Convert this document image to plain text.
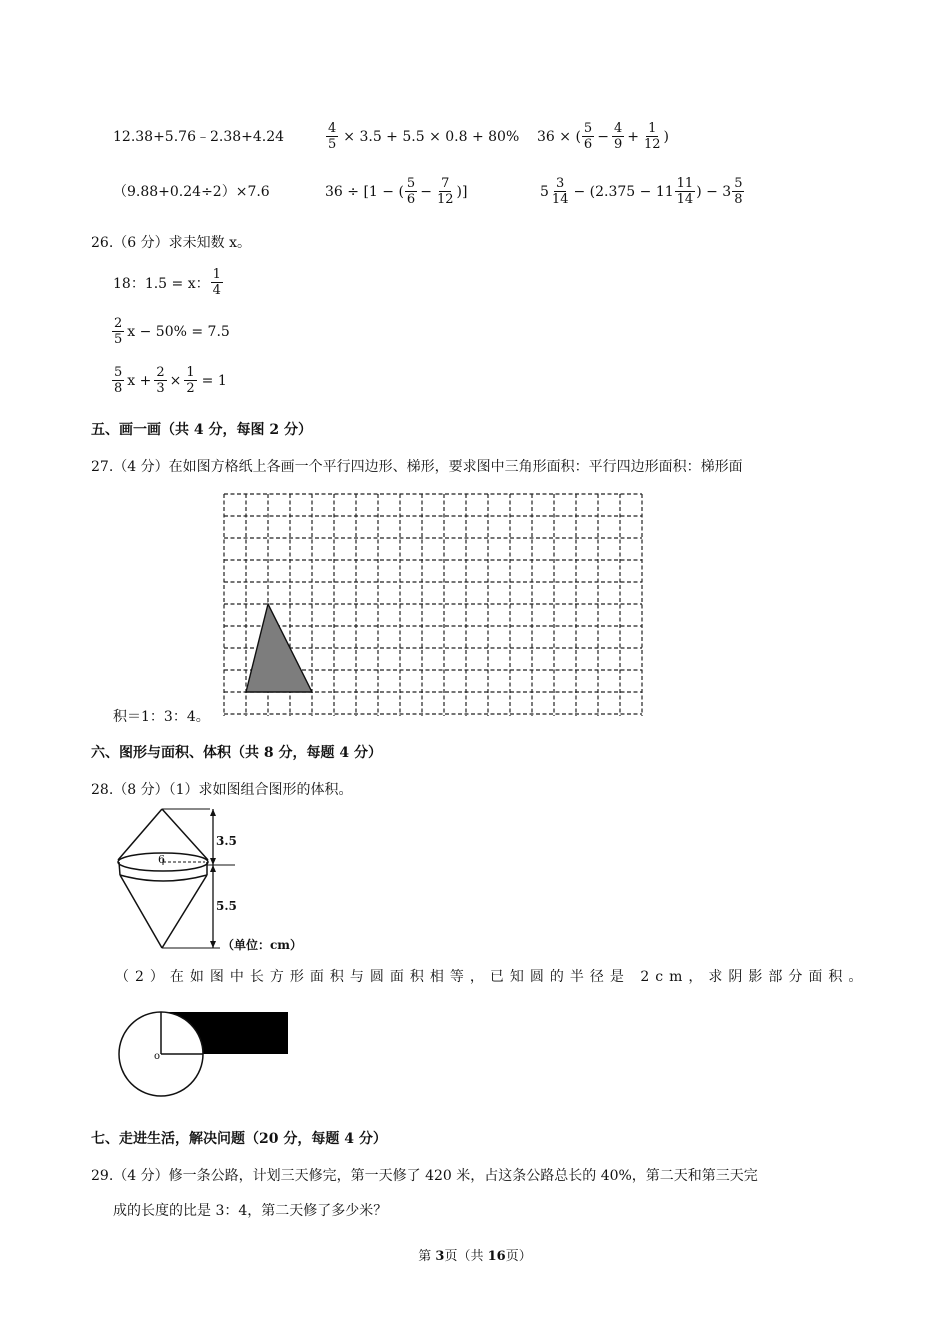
12.38+5.76﹣2.38+4.24	$\frac{4}{5} \times 3.5 + 5.5 \times 0.8 + 80\%$ 36 × ( $\frac{5}{6} - \frac{4}{9} + \frac{1}{12}$ )
（9.88+0.24÷2）×7.6	36 ÷ [1 − ( $\frac{5}{6} - \frac{7}{12}$ )]	$5 \frac{3}{14} - (2.375 - 11 \frac{11}{14}$ ) − $3 \frac{5}{8}$
26.（6 分）求未知数 x。
18：1.5 = x： $\frac{1}{4}$
$\frac{2}{5}$ x − 50% = 7.5
$\frac{5}{8}$ $x + \frac{2}{3} \times \frac{1}{2} = 1$
五、画一画（共 4 分，每图 2 分）
27.（4 分）在如图方格纸上各画一个平行四边形、梯形，要求图中三角形面积：平行四边形面积：梯形面
积＝1：3：4。
六、图形与面积、体积（共 8 分，每题 4 分）
28.（8 分）（1）求如图组合图形的体积。
3.5
6
5.5
（单位：cm）
（2）在如图中长方形面积与圆面积相等，已知圆的半径是 2cm，求阴影部分面积。
o
七、走进生活，解决问题（20 分，每题 4 分）
29.（4 分）修一条公路，计划三天修完，第一天修了 420 米，占这条公路总长的 40%，第二天和第三天完
成的长度的比是 3：4，第二天修了多少米？
第 3页（共 16页）
